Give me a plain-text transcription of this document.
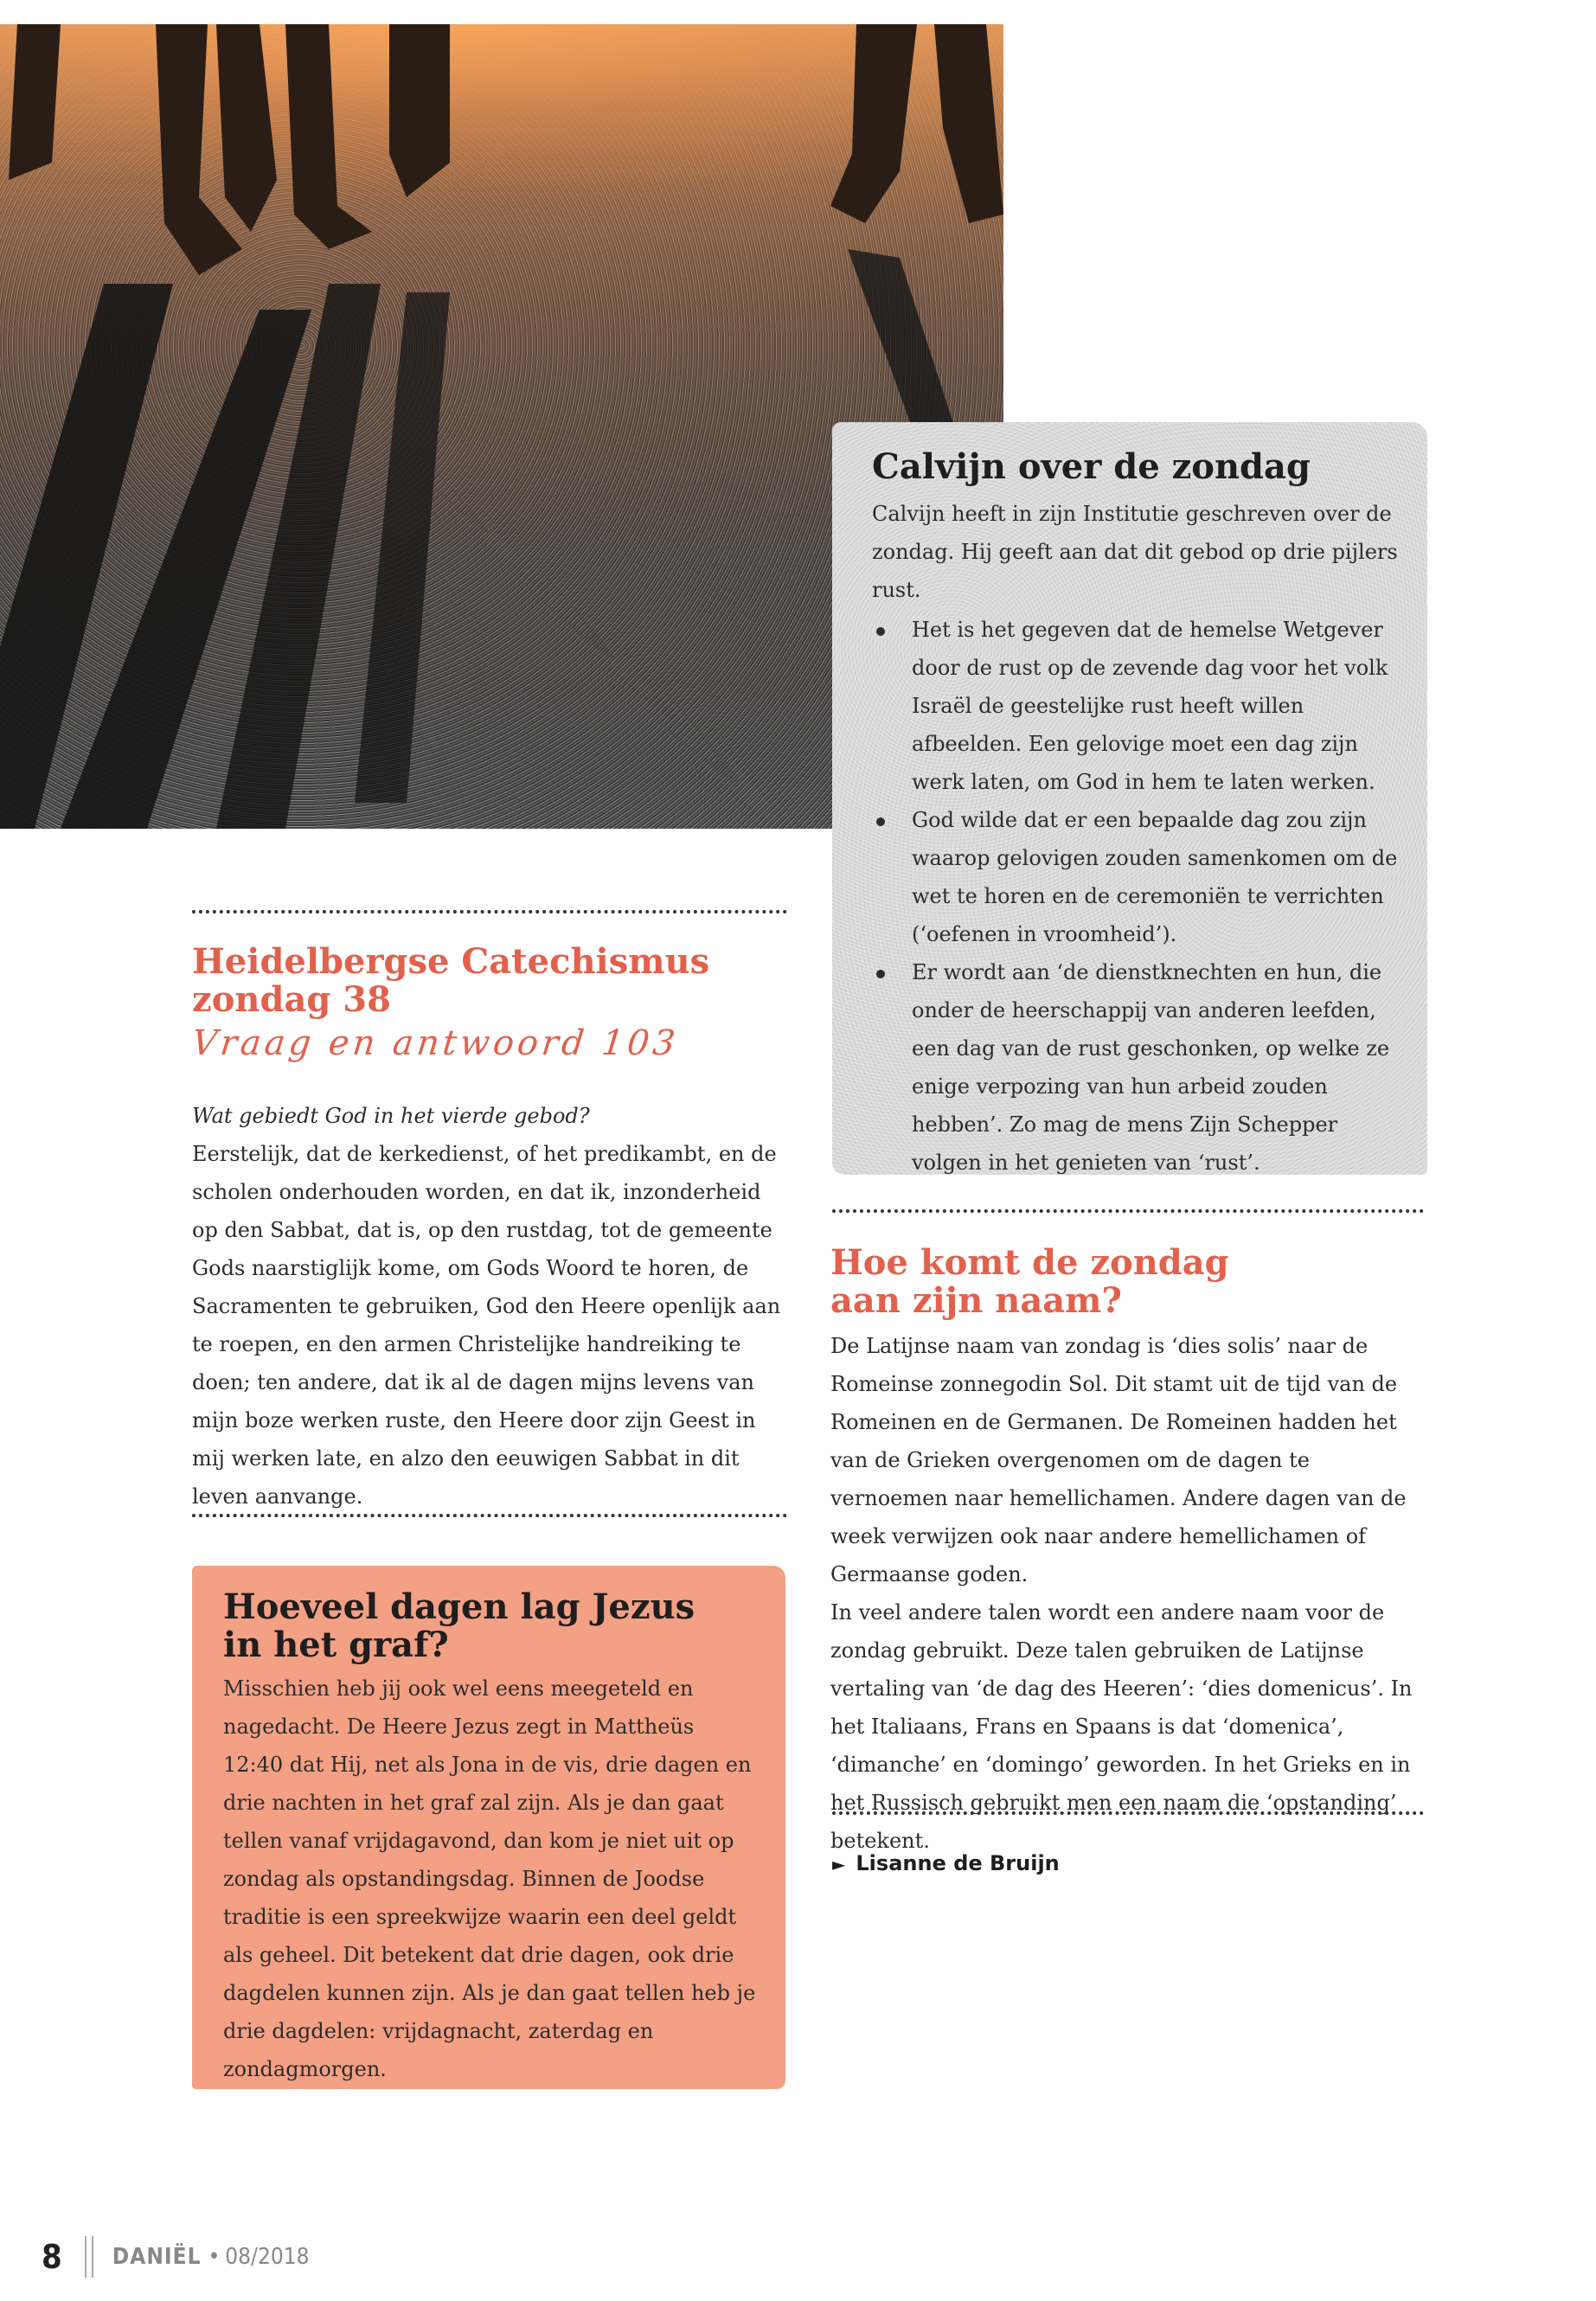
Calvijn over de zondag

Calvijn heeft in zijn Institutie geschreven over de zondag. Hij geeft aan dat dit gebod op drie pijlers rust.

Het is het gegeven dat de hemelse Wetgever door de rust op de zevende dag voor het volk Israël de geestelijke rust heeft willen afbeelden. Een gelovige moet een dag zijn werk laten, om God in hem te laten werken.
God wilde dat er een bepaalde dag zou zijn waarop gelovigen zouden samenkomen om de wet te horen en de ceremoniën te verrichten (‘oefenen in vroomheid’).
Er wordt aan ‘de dienstknechten en hun, die onder de heerschappij van anderen leefden, een dag van de rust geschonken, op welke ze enige verpozing van hun arbeid zouden hebben’. Zo mag de mens Zijn Schepper volgen in het genieten van ‘rust’.
Heidelbergse Catechismus
zondag 38
Vraag en antwoord 103

Wat gebiedt God in het vierde gebod?

Eerstelijk, dat de kerkedienst, of het predikambt, en de scholen onderhouden worden, en dat ik, inzonderheid op den Sabbat, dat is, op den rustdag, tot de gemeente Gods naarstiglijk kome, om Gods Woord te horen, de Sacramenten te gebruiken, God den Heere openlijk aan te roepen, en den armen Christelijke handreiking te doen; ten andere, dat ik al de dagen mijns levens van mijn boze werken ruste, den Heere door zijn Geest in mij werken late, en alzo den eeuwigen Sabbat in dit leven aanvange.

Hoeveel dagen lag Jezus
in het graf?

Misschien heb jij ook wel eens meegeteld en nagedacht. De Heere Jezus zegt in Mattheüs 12:40 dat Hij, net als Jona in de vis, drie dagen en drie nachten in het graf zal zijn. Als je dan gaat tellen vanaf vrijdagavond, dan kom je niet uit op zondag als opstandingsdag. Binnen de Joodse traditie is een spreekwijze waarin een deel geldt als geheel. Dit betekent dat drie dagen, ook drie dagdelen kunnen zijn. Als je dan gaat tellen heb je drie dagdelen: vrijdagnacht, zaterdag en zondagmorgen.

Hoe komt de zondag
aan zijn naam?

De Latijnse naam van zondag is ‘dies solis’ naar de Romeinse zonnegodin Sol. Dit stamt uit de tijd van de Romeinen en de Germanen. De Romeinen hadden het van de Grieken overgenomen om de dagen te vernoemen naar hemellichamen. Andere dagen van de week verwijzen ook naar andere hemellichamen of Germaanse goden.

In veel andere talen wordt een andere naam voor de zondag gebruikt. Deze talen gebruiken de Latijnse vertaling van ‘de dag des Heeren’: ‘dies domenicus’. In het Italiaans, Frans en Spaans is dat ‘domenica’, ‘dimanche’ en ‘domingo’ geworden. In het Grieks en in het Russisch gebruikt men een naam die ‘opstanding’ betekent.

► Lisanne de Bruijn
8 DANIËL • 08/2018
